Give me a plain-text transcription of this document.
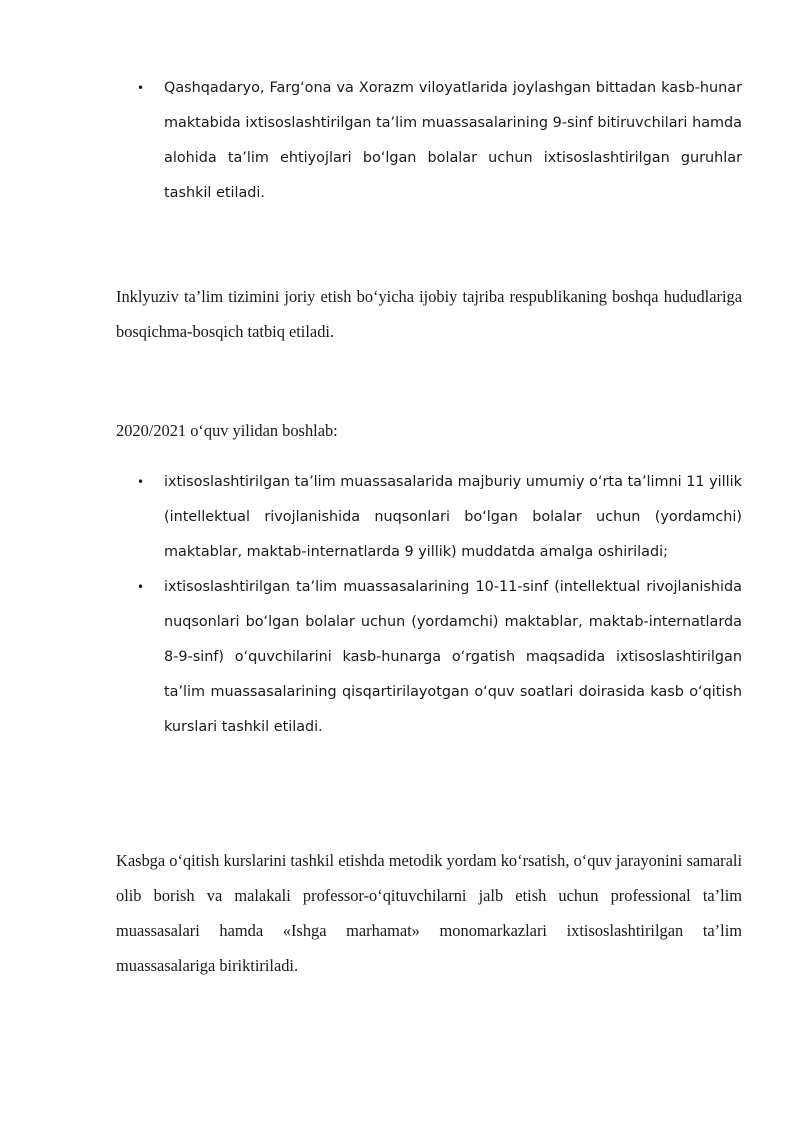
• Qashqadaryo, Farg‘ona va Xorazm viloyatlarida joylashgan bittadan kasb-hunar maktabida ixtisoslashtirilgan ta’lim muassasalarining 9-sinf bitiruvchilari hamda alohida ta’lim ehtiyojlari bo‘lgan bolalar uchun ixtisoslashtirilgan guruhlar tashkil etiladi.

Inklyuziv ta’lim tizimini joriy etish bo‘yicha ijobiy tajriba respublikaning boshqa hududlariga bosqichma-bosqich tatbiq etiladi.

2020/2021 o‘quv yilidan boshlab:

• ixtisoslashtirilgan ta’lim muassasalarida majburiy umumiy o‘rta ta’limni 11 yillik (intellektual rivojlanishida nuqsonlari bo‘lgan bolalar uchun (yordamchi) maktablar, maktab-internatlarda 9 yillik) muddatda amalga oshiriladi;
• ixtisoslashtirilgan ta’lim muassasalarining 10-11-sinf (intellektual rivojlanishida nuqsonlari bo‘lgan bolalar uchun (yordamchi) maktablar, maktab-internatlarda 8-9-sinf) o‘quvchilarini kasb-hunarga o‘rgatish maqsadida ixtisoslashtirilgan ta’lim muassasalarining qisqartirilayotgan o‘quv soatlari doirasida kasb o‘qitish kurslari tashkil etiladi.

Kasbga o‘qitish kurslarini tashkil etishda metodik yordam ko‘rsatish, o‘quv jarayonini samarali olib borish va malakali professor-o‘qituvchilarni jalb etish uchun professional ta’lim muassasalari hamda «Ishga marhamat» monomarkazlari ixtisoslashtirilgan ta’lim muassasalariga biriktiriladi.
